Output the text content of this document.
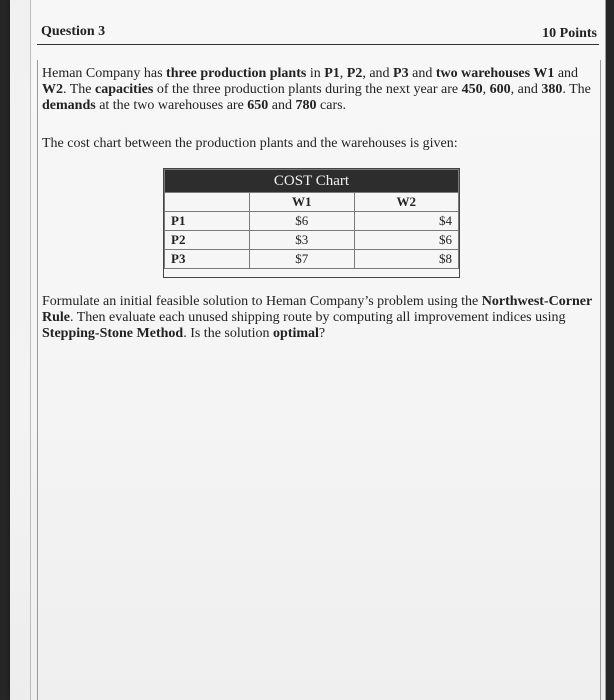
Question 3	10 Points
Heman Company has three production plants in P1, P2, and P3 and two warehouses W1 and W2. The capacities of the three production plants during the next year are 450, 600, and 380. The demands at the two warehouses are 650 and 780 cars.
The cost chart between the production plants and the warehouses is given:
COST Chart		
	W1	W2
P1	$6	$4
P2	$3	$6
P3	$7	$8
Formulate an initial feasible solution to Heman Company’s problem using the Northwest-Corner Rule. Then evaluate each unused shipping route by computing all improvement indices using Stepping-Stone Method. Is the solution optimal?
